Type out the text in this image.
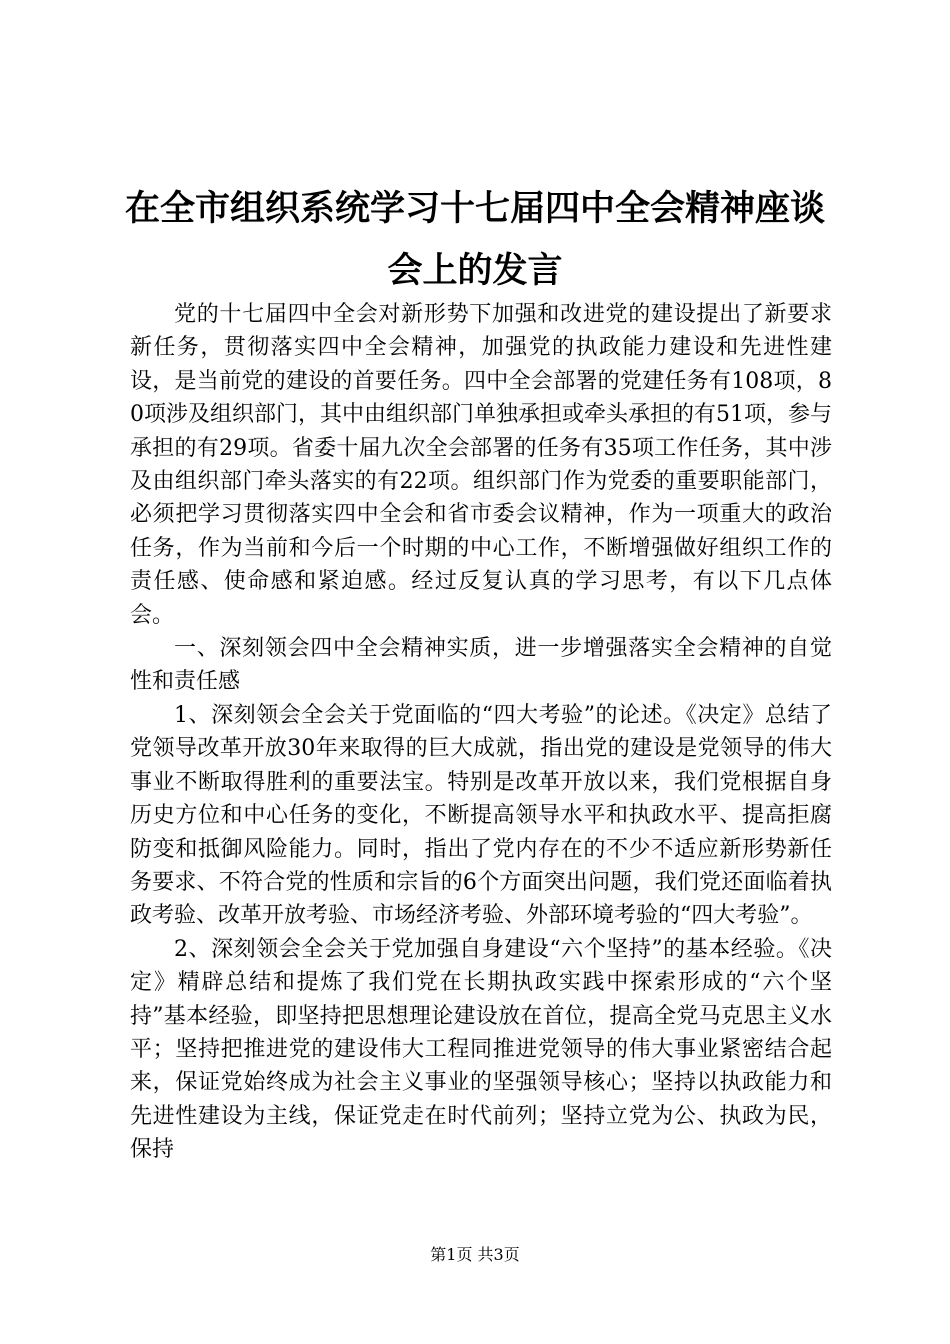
在全市组织系统学习十七届四中全会精神座谈
会上的发言

党的十七届四中全会对新形势下加强和改进党的建设提出了新要求新任务，贯彻落实四中全会精神，加强党的执政能力建设和先进性建设，是当前党的建设的首要任务。四中全会部署的党建任务有108项，80项涉及组织部门，其中由组织部门单独承担或牵头承担的有51项，参与承担的有29项。省委十届九次全会部署的任务有35项工作任务，其中涉及由组织部门牵头落实的有22项。组织部门作为党委的重要职能部门，必须把学习贯彻落实四中全会和省市委会议精神，作为一项重大的政治任务，作为当前和今后一个时期的中心工作，不断增强做好组织工作的责任感、使命感和紧迫感。经过反复认真的学习思考，有以下几点体会。

一、深刻领会四中全会精神实质，进一步增强落实全会精神的自觉性和责任感

1、深刻领会全会关于党面临的“四大考验”的论述。《决定》总结了党领导改革开放30年来取得的巨大成就，指出党的建设是党领导的伟大事业不断取得胜利的重要法宝。特别是改革开放以来，我们党根据自身历史方位和中心任务的变化，不断提高领导水平和执政水平、提高拒腐防变和抵御风险能力。同时，指出了党内存在的不少不适应新形势新任务要求、不符合党的性质和宗旨的6个方面突出问题，我们党还面临着执政考验、改革开放考验、市场经济考验、外部环境考验的“四大考验”。

2、深刻领会全会关于党加强自身建设“六个坚持”的基本经验。《决定》精辟总结和提炼了我们党在长期执政实践中探索形成的“六个坚持”基本经验，即坚持把思想理论建设放在首位，提高全党马克思主义水平；坚持把推进党的建设伟大工程同推进党领导的伟大事业紧密结合起来，保证党始终成为社会主义事业的坚强领导核心；坚持以执政能力和先进性建设为主线，保证党走在时代前列；坚持立党为公、执政为民，保持

第1页 共3页
